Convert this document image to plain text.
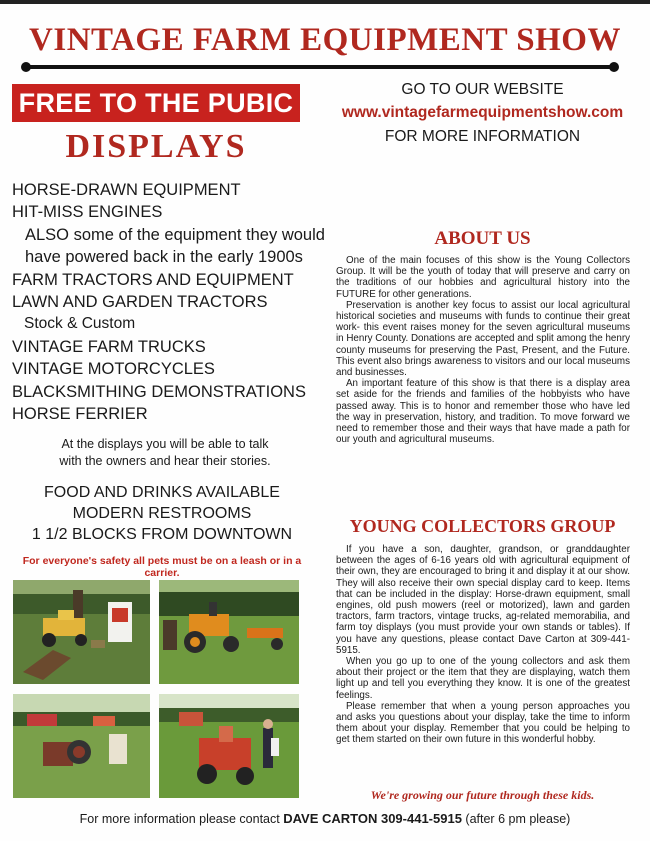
VINTAGE FARM EQUIPMENT SHOW
FREE TO THE PUBIC
DISPLAYS
HORSE-DRAWN EQUIPMENT
HIT-MISS ENGINES
ALSO some of the equipment they would
have powered back in the early 1900s
FARM TRACTORS AND EQUIPMENT
LAWN AND GARDEN TRACTORS
Stock & Custom
VINTAGE FARM TRUCKS
VINTAGE MOTORCYCLES
BLACKSMITHING DEMONSTRATIONS
HORSE FERRIER
At the displays you will be able to talk
with the owners and hear their stories.
FOOD AND DRINKS AVAILABLE
MODERN RESTROOMS
1 1/2 BLOCKS FROM DOWNTOWN
For everyone's safety all pets must be on a leash or in a carrier.
GO TO OUR WEBSITE
www.vintagefarmequipmentshow.com
FOR MORE INFORMATION
ABOUT US

One of the main focuses of this show is the Young Collectors Group. It will be the youth of today that will preserve and carry on the traditions of our hobbies and agricultural history into the FUTURE for other generations.

Preservation is another key focus to assist our local agricultural historical societies and museums with funds to continue their great work- this event raises money for the seven agricultural museums in Henry County. Donations are accepted and split among the henry county museums for preserving the Past, Present, and the Future. This event also brings awareness to visitors and our local museums and businesses.

An important feature of this show is that there is a display area set aside for the friends and families of the hobbyists who have passed away. This is to honor and remember those who have led the way in preservation, history, and tradition. To move forward we need to remember those and their ways that have made a path for our youth and agricultural museums.

YOUNG COLLECTORS GROUP

If you have a son, daughter, grandson, or granddaughter between the ages of 6-16 years old with agricultural equipment of their own, they are encouraged to bring it and display it at our show. They will also receive their own special display card to keep. Items that can be included in the display: Horse-drawn equipment, small engines, old push mowers (reel or motorized), lawn and garden tractors, farm tractors, vintage trucks, ag-related memorabilia, and farm toy displays (you must provide your own stands or tables). If you have any questions, please contact Dave Carton at 309-441-5915.

When you go up to one of the young collectors and ask them about their project or the item that they are displaying, watch them light up and tell you everything they know. It is one of the greatest feelings.

Please remember that when a young person approaches you and asks you questions about your display, take the time to inform them about your display. Remember that you could be helping to get them started on their own future in this wonderful hobby.

We're growing our future through these kids.
For more information please contact DAVE CARTON 309-441-5915 (after 6 pm please)
